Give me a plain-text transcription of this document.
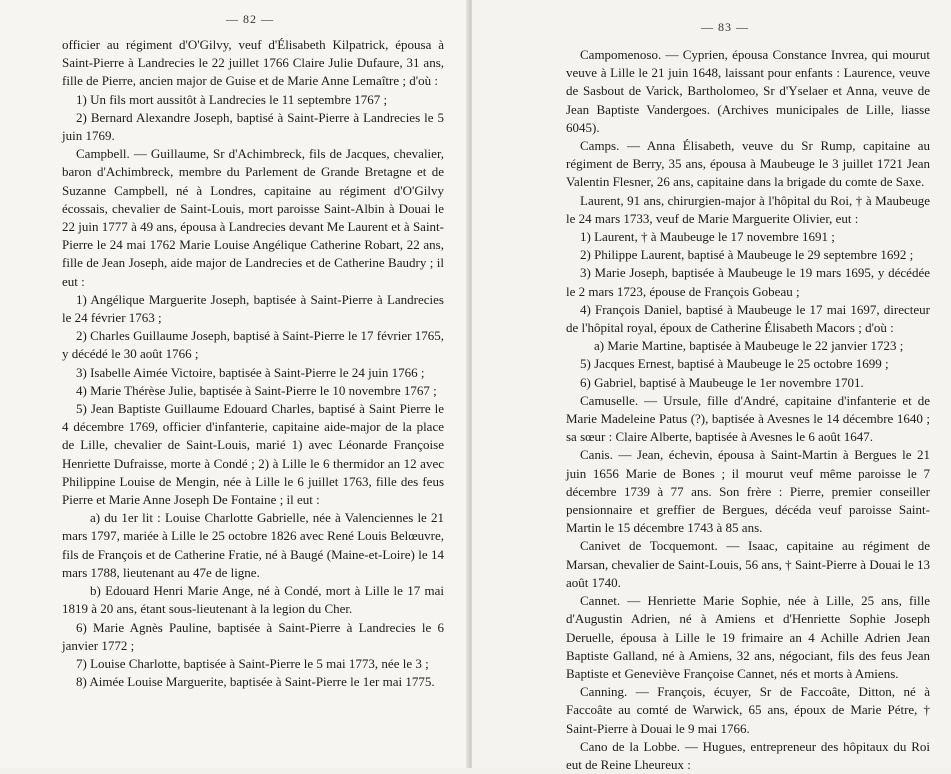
— 82 —

officier au régiment d'O'Gilvy, veuf d'Élisabeth Kilpatrick, épousa à Saint-Pierre à Landrecies le 22 juillet 1766 Claire Julie Dufaure, 31 ans, fille de Pierre, ancien major de Guise et de Marie Anne Lemaître ; d'où :

1) Un fils mort aussitôt à Landrecies le 11 septembre 1767 ;

2) Bernard Alexandre Joseph, baptisé à Saint-Pierre à Landrecies le 5 juin 1769.

Campbell. — Guillaume, Sr d'Achimbreck, fils de Jacques, chevalier, baron d'Achimbreck, membre du Parlement de Grande Bretagne et de Suzanne Campbell, né à Londres, capitaine au régiment d'O'Gilvy écossais, chevalier de Saint-Louis, mort paroisse Saint-Albin à Douai le 22 juin 1777 à 49 ans, épousa à Landrecies devant Me Laurent et à Saint-Pierre le 24 mai 1762 Marie Louise Angélique Catherine Robart, 22 ans, fille de Jean Joseph, aide major de Landrecies et de Catherine Baudry ; il eut :

1) Angélique Marguerite Joseph, baptisée à Saint-Pierre à Landrecies le 24 février 1763 ;

2) Charles Guillaume Joseph, baptisé à Saint-Pierre le 17 février 1765, y décédé le 30 août 1766 ;

3) Isabelle Aimée Victoire, baptisée à Saint-Pierre le 24 juin 1766 ;

4) Marie Thérèse Julie, baptisée à Saint-Pierre le 10 novembre 1767 ;

5) Jean Baptiste Guillaume Edouard Charles, baptisé à Saint Pierre le 4 décembre 1769, officier d'infanterie, capitaine aide-major de la place de Lille, chevalier de Saint-Louis, marié 1) avec Léonarde Françoise Henriette Dufraisse, morte à Condé ; 2) à Lille le 6 thermidor an 12 avec Philippine Louise de Mengin, née à Lille le 6 juillet 1763, fille des feus Pierre et Marie Anne Joseph De Fontaine ; il eut :

a) du 1er lit : Louise Charlotte Gabrielle, née à Valenciennes le 21 mars 1797, mariée à Lille le 25 octobre 1826 avec René Louis Belœuvre, fils de François et de Catherine Fratie, né à Baugé (Maine-et-Loire) le 14 mars 1788, lieutenant au 47e de ligne.

b) Edouard Henri Marie Ange, né à Condé, mort à Lille le 17 mai 1819 à 20 ans, étant sous-lieutenant à la legion du Cher.

6) Marie Agnès Pauline, baptisée à Saint-Pierre à Landrecies le 6 janvier 1772 ;

7) Louise Charlotte, baptisée à Saint-Pierre le 5 mai 1773, née le 3 ;

8) Aimée Louise Marguerite, baptisée à Saint-Pierre le 1er mai 1775.

— 83 —

Campomenoso. — Cyprien, épousa Constance Invrea, qui mourut veuve à Lille le 21 juin 1648, laissant pour enfants : Laurence, veuve de Sasbout de Varick, Bartholomeo, Sr d'Yselaer et Anna, veuve de Jean Baptiste Vandergoes. (Archives municipales de Lille, liasse 6045).

Camps. — Anna Élisabeth, veuve du Sr Rump, capitaine au régiment de Berry, 35 ans, épousa à Maubeuge le 3 juillet 1721 Jean Valentin Flesner, 26 ans, capitaine dans la brigade du comte de Saxe.

Laurent, 91 ans, chirurgien-major à l'hôpital du Roi, † à Maubeuge le 24 mars 1733, veuf de Marie Marguerite Olivier, eut :

1) Laurent, † à Maubeuge le 17 novembre 1691 ;

2) Philippe Laurent, baptisé à Maubeuge le 29 septembre 1692 ;

3) Marie Joseph, baptisée à Maubeuge le 19 mars 1695, y décédée le 2 mars 1723, épouse de François Gobeau ;

4) François Daniel, baptisé à Maubeuge le 17 mai 1697, directeur de l'hôpital royal, époux de Catherine Élisabeth Macors ; d'où :

a) Marie Martine, baptisée à Maubeuge le 22 janvier 1723 ;

5) Jacques Ernest, baptisé à Maubeuge le 25 octobre 1699 ;

6) Gabriel, baptisé à Maubeuge le 1er novembre 1701.

Camuselle. — Ursule, fille d'André, capitaine d'infanterie et de Marie Madeleine Patus (?), baptisée à Avesnes le 14 décembre 1640 ; sa sœur : Claire Alberte, baptisée à Avesnes le 6 août 1647.

Canis. — Jean, échevin, épousa à Saint-Martin à Bergues le 21 juin 1656 Marie de Bones ; il mourut veuf même paroisse le 7 décembre 1739 à 77 ans. Son frère : Pierre, premier conseiller pensionnaire et greffier de Bergues, décéda veuf paroisse Saint-Martin le 15 décembre 1743 à 85 ans.

Canivet de Tocquemont. — Isaac, capitaine au régiment de Marsan, chevalier de Saint-Louis, 56 ans, † Saint-Pierre à Douai le 13 août 1740.

Cannet. — Henriette Marie Sophie, née à Lille, 25 ans, fille d'Augustin Adrien, né à Amiens et d'Henriette Sophie Joseph Deruelle, épousa à Lille le 19 frimaire an 4 Achille Adrien Jean Baptiste Galland, né à Amiens, 32 ans, négociant, fils des feus Jean Baptiste et Geneviève Françoise Cannet, nés et morts à Amiens.

Canning. — François, écuyer, Sr de Faccoâte, Ditton, né à Faccoâte au comté de Warwick, 65 ans, époux de Marie Pétre, † Saint-Pierre à Douai le 9 mai 1766.

Cano de la Lobbe. — Hugues, entrepreneur des hôpitaux du Roi eut de Reine Lheureux :
